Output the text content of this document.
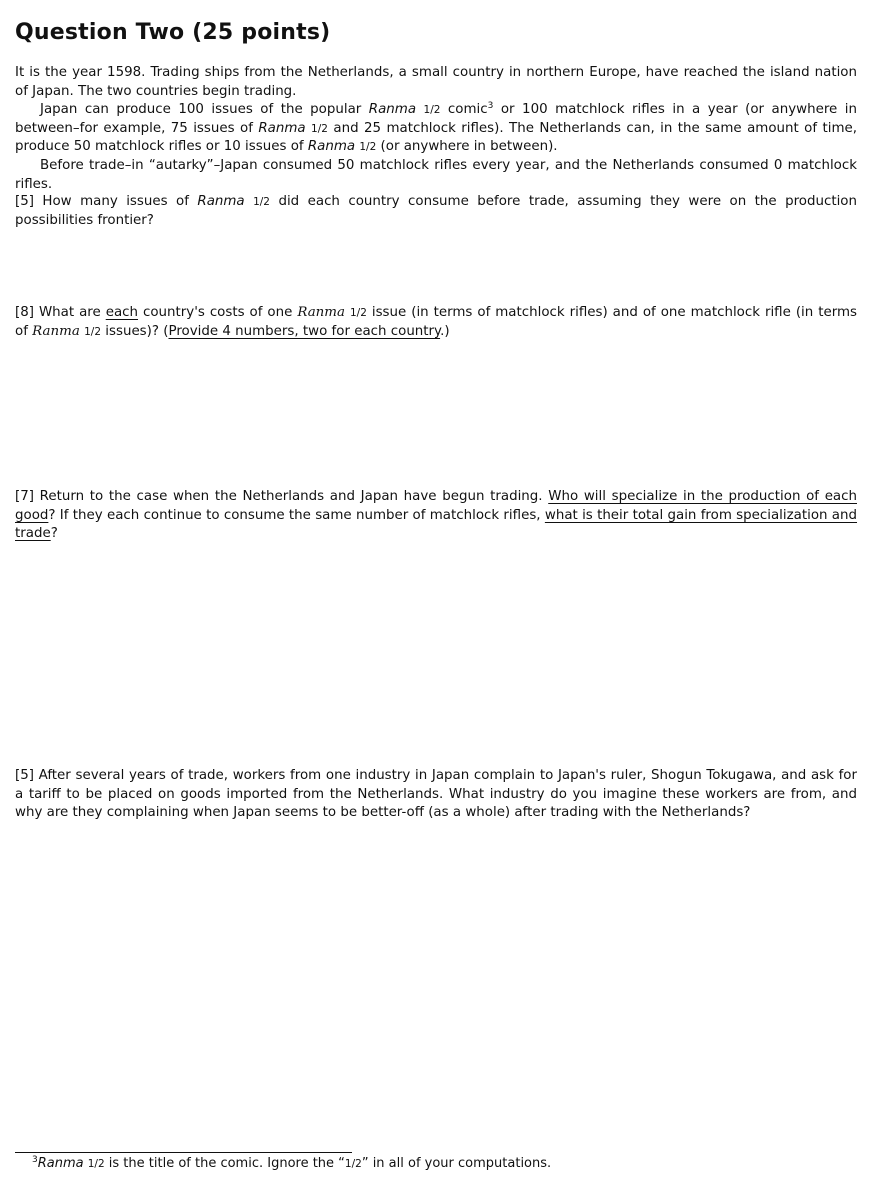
Question Two (25 points)

It is the year 1598. Trading ships from the Netherlands, a small country in northern Europe, have reached the island nation of Japan. The two countries begin trading.

Japan can produce 100 issues of the popular Ranma 1/2 comic$^3$ or 100 matchlock rifles in a year (or anywhere in between–for example, 75 issues of Ranma 1/2 and 25 matchlock rifles). The Netherlands can, in the same amount of time, produce 50 matchlock rifles or 10 issues of Ranma 1/2 (or anywhere in between).

Before trade–in “autarky”–Japan consumed 50 matchlock rifles every year, and the Netherlands consumed 0 matchlock rifles.

[5] How many issues of Ranma 1/2 did each country consume before trade, assuming they were on the production possibilities frontier?

[8] What are each country's costs of one Ranma 1/2 issue (in terms of matchlock rifles) and of one matchlock rifle (in terms of Ranma 1/2 issues)? (Provide 4 numbers, two for each country.)

[7] Return to the case when the Netherlands and Japan have begun trading. Who will specialize in the production of each good? If they each continue to consume the same number of matchlock rifles, what is their total gain from specialization and trade?

[5] After several years of trade, workers from one industry in Japan complain to Japan's ruler, Shogun Tokugawa, and ask for a tariff to be placed on goods imported from the Netherlands. What industry do you imagine these workers are from, and why are they complaining when Japan seems to be better-off (as a whole) after trading with the Netherlands?

$^3$Ranma 1/2 is the title of the comic. Ignore the “1/2” in all of your computations.
